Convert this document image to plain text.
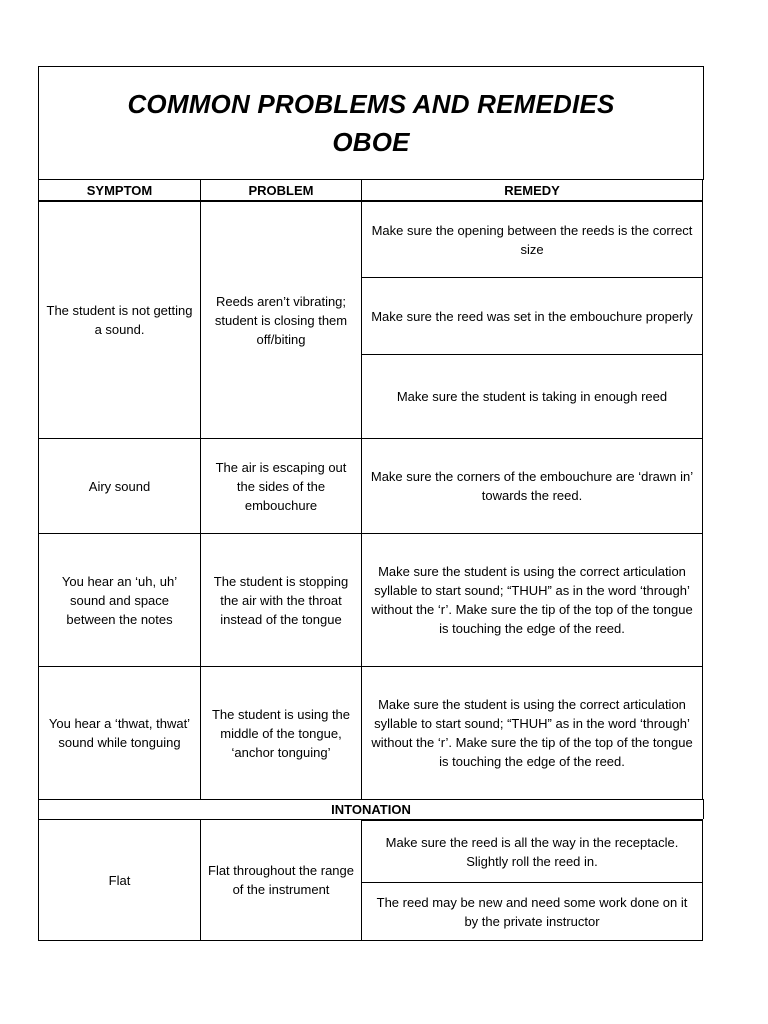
COMMON PROBLEMS AND REMEDIES
OBOE
SYMPTOM	PROBLEM	REMEDY
The student is not getting a sound.
Reeds aren’t vibrating; student is closing them off/biting
Make sure the opening between the reeds is the correct size
Make sure the reed was set in the embouchure properly
Make sure the student is taking in enough reed
Airy sound
The air is escaping out the sides of the embouchure
Make sure the corners of the embouchure are ‘drawn in’ towards the reed.
You hear an ‘uh, uh’ sound and space between the notes
The student is stopping the air with the throat instead of the tongue
Make sure the student is using the correct articulation syllable to start sound; “THUH” as in the word ‘through’ without the ‘r’. Make sure the tip of the top of the tongue is touching the edge of the reed.
You hear a ‘thwat, thwat’ sound while tonguing
The student is using the middle of the tongue, ‘anchor tonguing’
Make sure the student is using the correct articulation syllable to start sound; “THUH” as in the word ‘through’ without the ‘r’. Make sure the tip of the top of the tongue is touching the edge of the reed.
INTONATION
Flat
Flat throughout the range of the instrument
Make sure the reed is all the way in the receptacle. Slightly roll the reed in.
The reed may be new and need some work done on it by the private instructor
